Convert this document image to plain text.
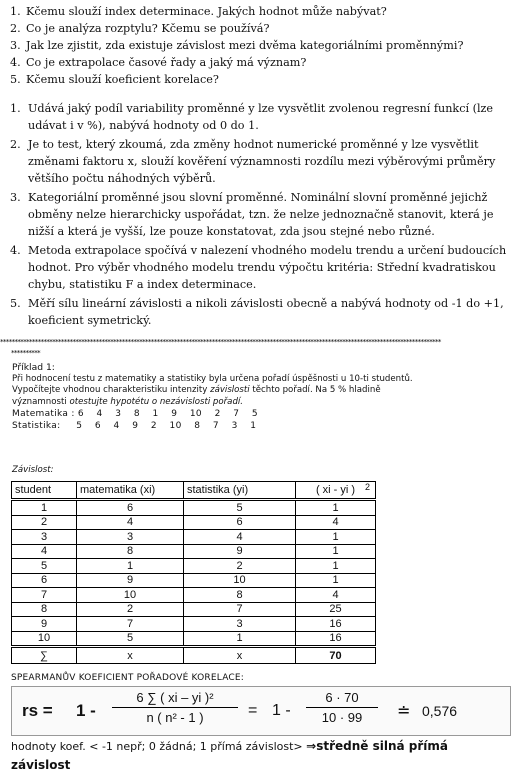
1. Kčemu slouží index determinace. Jakých hodnot může nabývat?
2. Co je analýza rozptylu? Kčemu se používá?
3. Jak lze zjistit, zda existuje závislost mezi dvěma kategoriálními proměnnými?
4. Co je extrapolace časové řady a jaký má význam?
5. Kčemu slouží koeficient korelace?
1. Udává jaký podíl variability proměnné y lze vysvětlit zvolenou regresní funkcí (lze udávat i v %), nabývá hodnoty od 0 do 1.
2. Je to test, který zkoumá, zda změny hodnot numerické proměnné y lze vysvětlit změnami faktoru x, slouží kověření významnosti rozdílu mezi výběrovými průměry většího počtu náhodných výběrů.
3. Kategoriální proměnné jsou slovní proměnné. Nominální slovní proměnné jejichž obměny nelze hierarchicky uspořádat, tzn. že nelze jednoznačně stanovit, která je nižší a která je vyšší, lze pouze konstatovat, zda jsou stejné nebo různé.
4. Metoda extrapolace spočívá v nalezení vhodného modelu trendu a určení budoucích hodnot. Pro výběr vhodného modelu trendu výpočtu kritéria: Střední kvadratiskou chybu, statistiku F a index determinace.
5. Měří sílu lineární závislosti a nikoli závislosti obecně a nabývá hodnoty od -1 do +1, koeficient symetrický.
********************************************************************************************************************************************************
**********
Příklad 1:
Při hodnocení testu z matematiky a statistiky byla určena pořadí úspěšnosti u 10-ti studentů.
Vypočítejte vhodnou charakteristiku intenzity závislosti těchto pořadí. Na 5 % hladině
významnosti otestujte hypotétu o nezávislosti pořadí.
Matematika : 6    4    3    8    1    9    10    2    7    5
Statistika:     5    6    4    9    2    10    8    7    3    1
Závislost:
student	matematika (xi)	statistika (yi)	( xi - yi )
1	6	5	1
2	4	6	4
3	3	4	1
4	8	9	1
5	1	2	1
6	9	10	1
7	10	8	4
8	2	7	25
9	7	3	16
10	5	1	16
∑	x	x	70
2
SPEARMANŮV KOEFICIENT POŘADOVÉ KORELACE:
rs = $1 - \frac{\text{6 ∑ ( xi – yi )²}}{\text{n ( n² - 1 )}} = 1 - \frac{6 \cdot 70}{10 \cdot 99}$ ≐ 0,576
hodnoty koef. < -1 nepř; 0 žádná; 1 přímá závislost> ⇒středně silná přímá závislost
